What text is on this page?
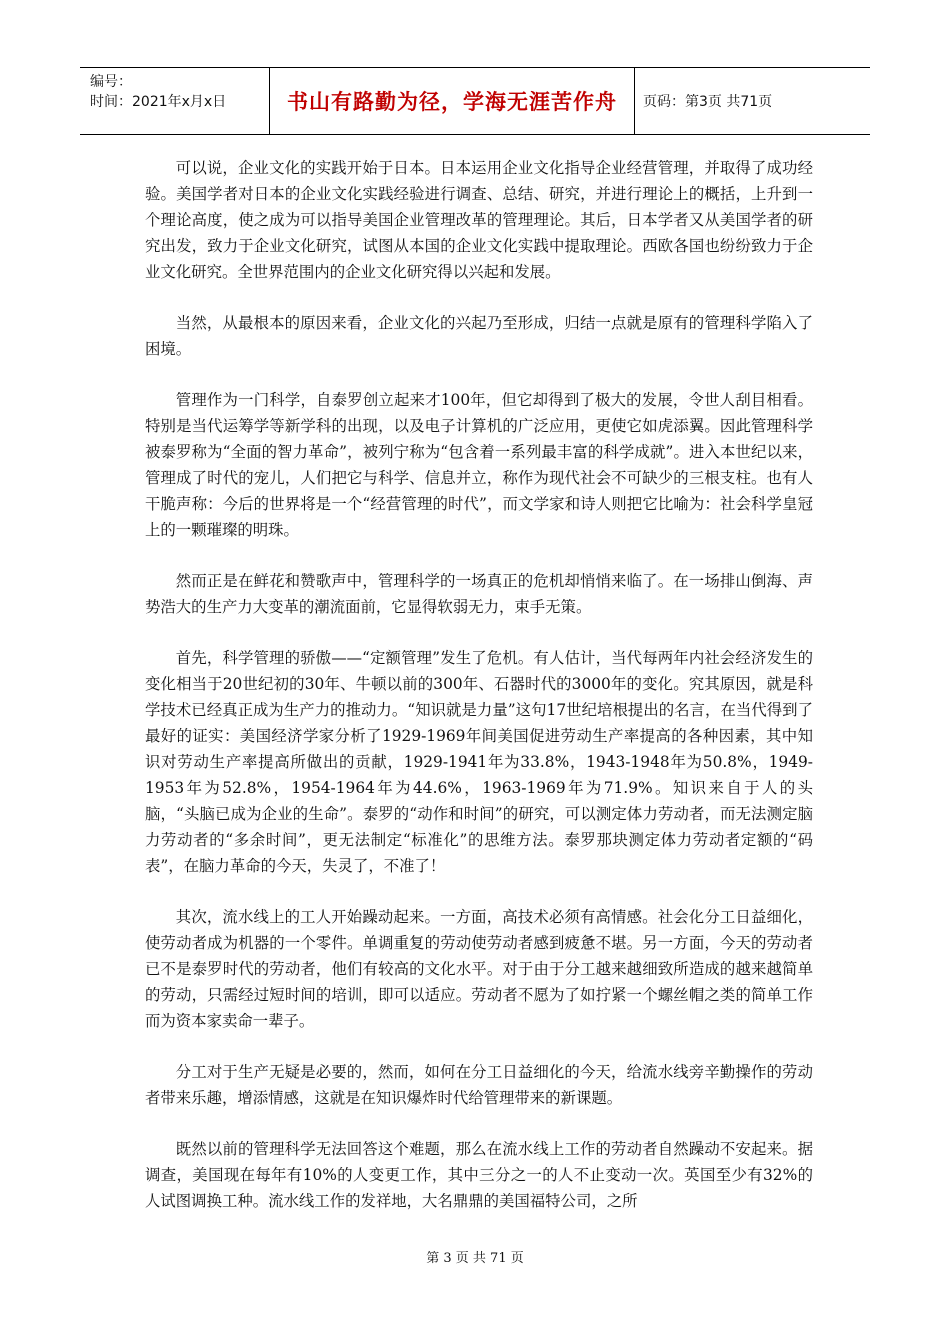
编号：
时间：2021年x月x日	书山有路勤为径，学海无涯苦作舟	页码：第3页 共71页

可以说，企业文化的实践开始于日本。日本运用企业文化指导企业经营管理，并取得了成功经验。美国学者对日本的企业文化实践经验进行调查、总结、研究，并进行理论上的概括，上升到一个理论高度，使之成为可以指导美国企业管理改革的管理理论。其后，日本学者又从美国学者的研究出发，致力于企业文化研究，试图从本国的企业文化实践中提取理论。西欧各国也纷纷致力于企业文化研究。全世界范围内的企业文化研究得以兴起和发展。

当然，从最根本的原因来看，企业文化的兴起乃至形成，归结一点就是原有的管理科学陷入了困境。

管理作为一门科学，自泰罗创立起来才100年，但它却得到了极大的发展，令世人刮目相看。特别是当代运筹学等新学科的出现，以及电子计算机的广泛应用，更使它如虎添翼。因此管理科学被泰罗称为“全面的智力革命”，被列宁称为“包含着一系列最丰富的科学成就”。进入本世纪以来，管理成了时代的宠儿，人们把它与科学、信息并立，称作为现代社会不可缺少的三根支柱。也有人干脆声称：今后的世界将是一个“经营管理的时代”，而文学家和诗人则把它比喻为：社会科学皇冠上的一颗璀璨的明珠。

然而正是在鲜花和赞歌声中，管理科学的一场真正的危机却悄悄来临了。在一场排山倒海、声势浩大的生产力大变革的潮流面前，它显得软弱无力，束手无策。

首先，科学管理的骄傲——“定额管理”发生了危机。有人估计，当代每两年内社会经济发生的变化相当于20世纪初的30年、牛顿以前的300年、石器时代的3000年的变化。究其原因，就是科学技术已经真正成为生产力的推动力。“知识就是力量”这句17世纪培根提出的名言，在当代得到了最好的证实：美国经济学家分析了1929-1969年间美国促进劳动生产率提高的各种因素，其中知识对劳动生产率提高所做出的贡献，1929-1941年为33.8%，1943-1948年为50.8%，1949-1953年为52.8%，1954-1964年为44.6%，1963-1969年为71.9%。知识来自于人的头脑，“头脑已成为企业的生命”。泰罗的“动作和时间”的研究，可以测定体力劳动者，而无法测定脑力劳动者的“多余时间”，更无法制定“标准化”的思维方法。泰罗那块测定体力劳动者定额的“码表”，在脑力革命的今天，失灵了，不准了！

其次，流水线上的工人开始躁动起来。一方面，高技术必须有高情感。社会化分工日益细化，使劳动者成为机器的一个零件。单调重复的劳动使劳动者感到疲惫不堪。另一方面，今天的劳动者已不是泰罗时代的劳动者，他们有较高的文化水平。对于由于分工越来越细致所造成的越来越简单的劳动，只需经过短时间的培训，即可以适应。劳动者不愿为了如拧紧一个螺丝帽之类的简单工作而为资本家卖命一辈子。

分工对于生产无疑是必要的，然而，如何在分工日益细化的今天，给流水线旁辛勤操作的劳动者带来乐趣，增添情感，这就是在知识爆炸时代给管理带来的新课题。

既然以前的管理科学无法回答这个难题，那么在流水线上工作的劳动者自然躁动不安起来。据调查，美国现在每年有10%的人变更工作，其中三分之一的人不止变动一次。英国至少有32%的人试图调换工种。流水线工作的发祥地，大名鼎鼎的美国福特公司，之所

第 3 页 共 71 页
